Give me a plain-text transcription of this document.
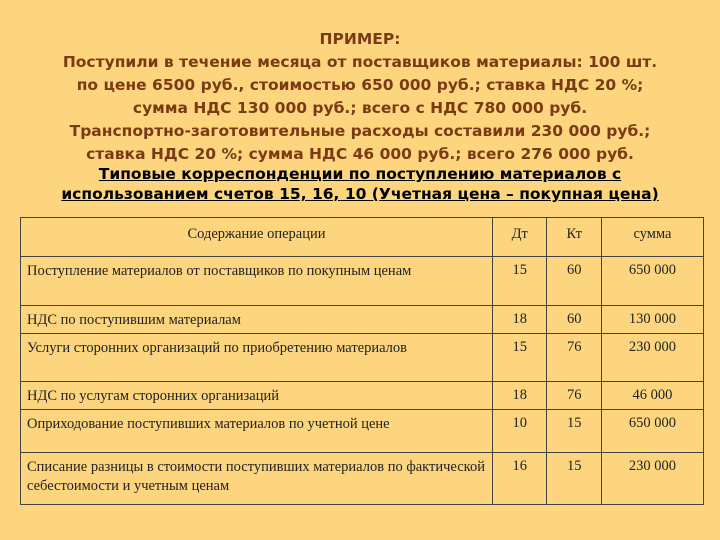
ПРИМЕР:
Поступили в течение месяца от поставщиков материалы: 100 шт.
по цене 6500 руб., стоимостью 650 000 руб.; ставка НДС 20 %;
сумма НДС 130 000 руб.; всего с НДС 780 000 руб.
Транспортно-заготовительные расходы составили 230 000 руб.;
ставка НДС 20 %; сумма НДС 46 000 руб.; всего 276 000 руб.
Типовые корреспонденции по поступлению материалов с
использованием счетов 15, 16, 10 (Учетная цена – покупная цена)
Содержание операции	Дт	Кт	сумма
Поступление материалов от поставщиков по покупным ценам	15	60	650 000
НДС по поступившим материалам	18	60	130 000
Услуги сторонних организаций по приобретению материалов	15	76	230 000
НДС по услугам сторонних организаций	18	76	46 000
Оприходование поступивших материалов по учетной цене	10	15	650 000
Списание разницы в стоимости поступивших материалов по фактической себестоимости и учетным ценам	16	15	230 000
